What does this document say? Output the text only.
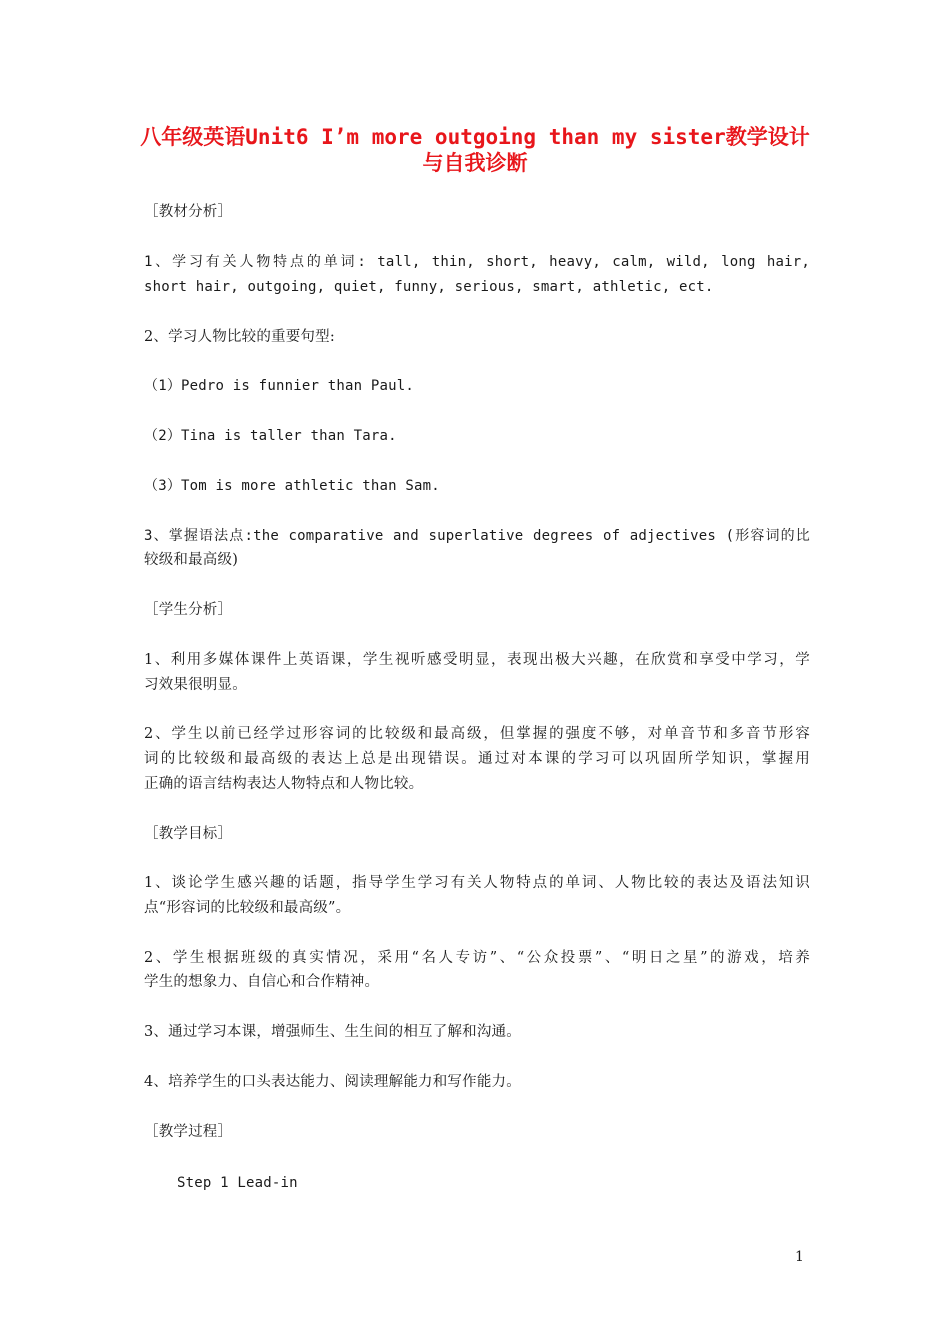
八年级英语Unit6 I’m more outgoing than my sister教学设计
与自我诊断
［教材分析］
1、学习有关人物特点的单词: tall, thin, short, heavy, calm, wild, long hair,
short hair, outgoing, quiet, funny, serious, smart, athletic, ect.
2、学习人物比较的重要句型:
（1）Pedro is funnier than Paul.
（2）Tina is taller than Tara.
（3）Tom is more athletic than Sam.
3、掌握语法点:the comparative and superlative degrees of adjectives (形容词的比
较级和最高级)
［学生分析］
1、利用多媒体课件上英语课，学生视听感受明显，表现出极大兴趣，在欣赏和享受中学习，学
习效果很明显。
2、学生以前已经学过形容词的比较级和最高级，但掌握的强度不够，对单音节和多音节形容
词的比较级和最高级的表达上总是出现错误。通过对本课的学习可以巩固所学知识，掌握用
正确的语言结构表达人物特点和人物比较。
［教学目标］
1、谈论学生感兴趣的话题，指导学生学习有关人物特点的单词、人物比较的表达及语法知识
点“形容词的比较级和最高级”。
2、学生根据班级的真实情况，采用“名人专访”、“公众投票”、“明日之星”的游戏，培养
学生的想象力、自信心和合作精神。
3、通过学习本课，增强师生、生生间的相互了解和沟通。
4、培养学生的口头表达能力、阅读理解能力和写作能力。
［教学过程］
Step 1 Lead-in
1
